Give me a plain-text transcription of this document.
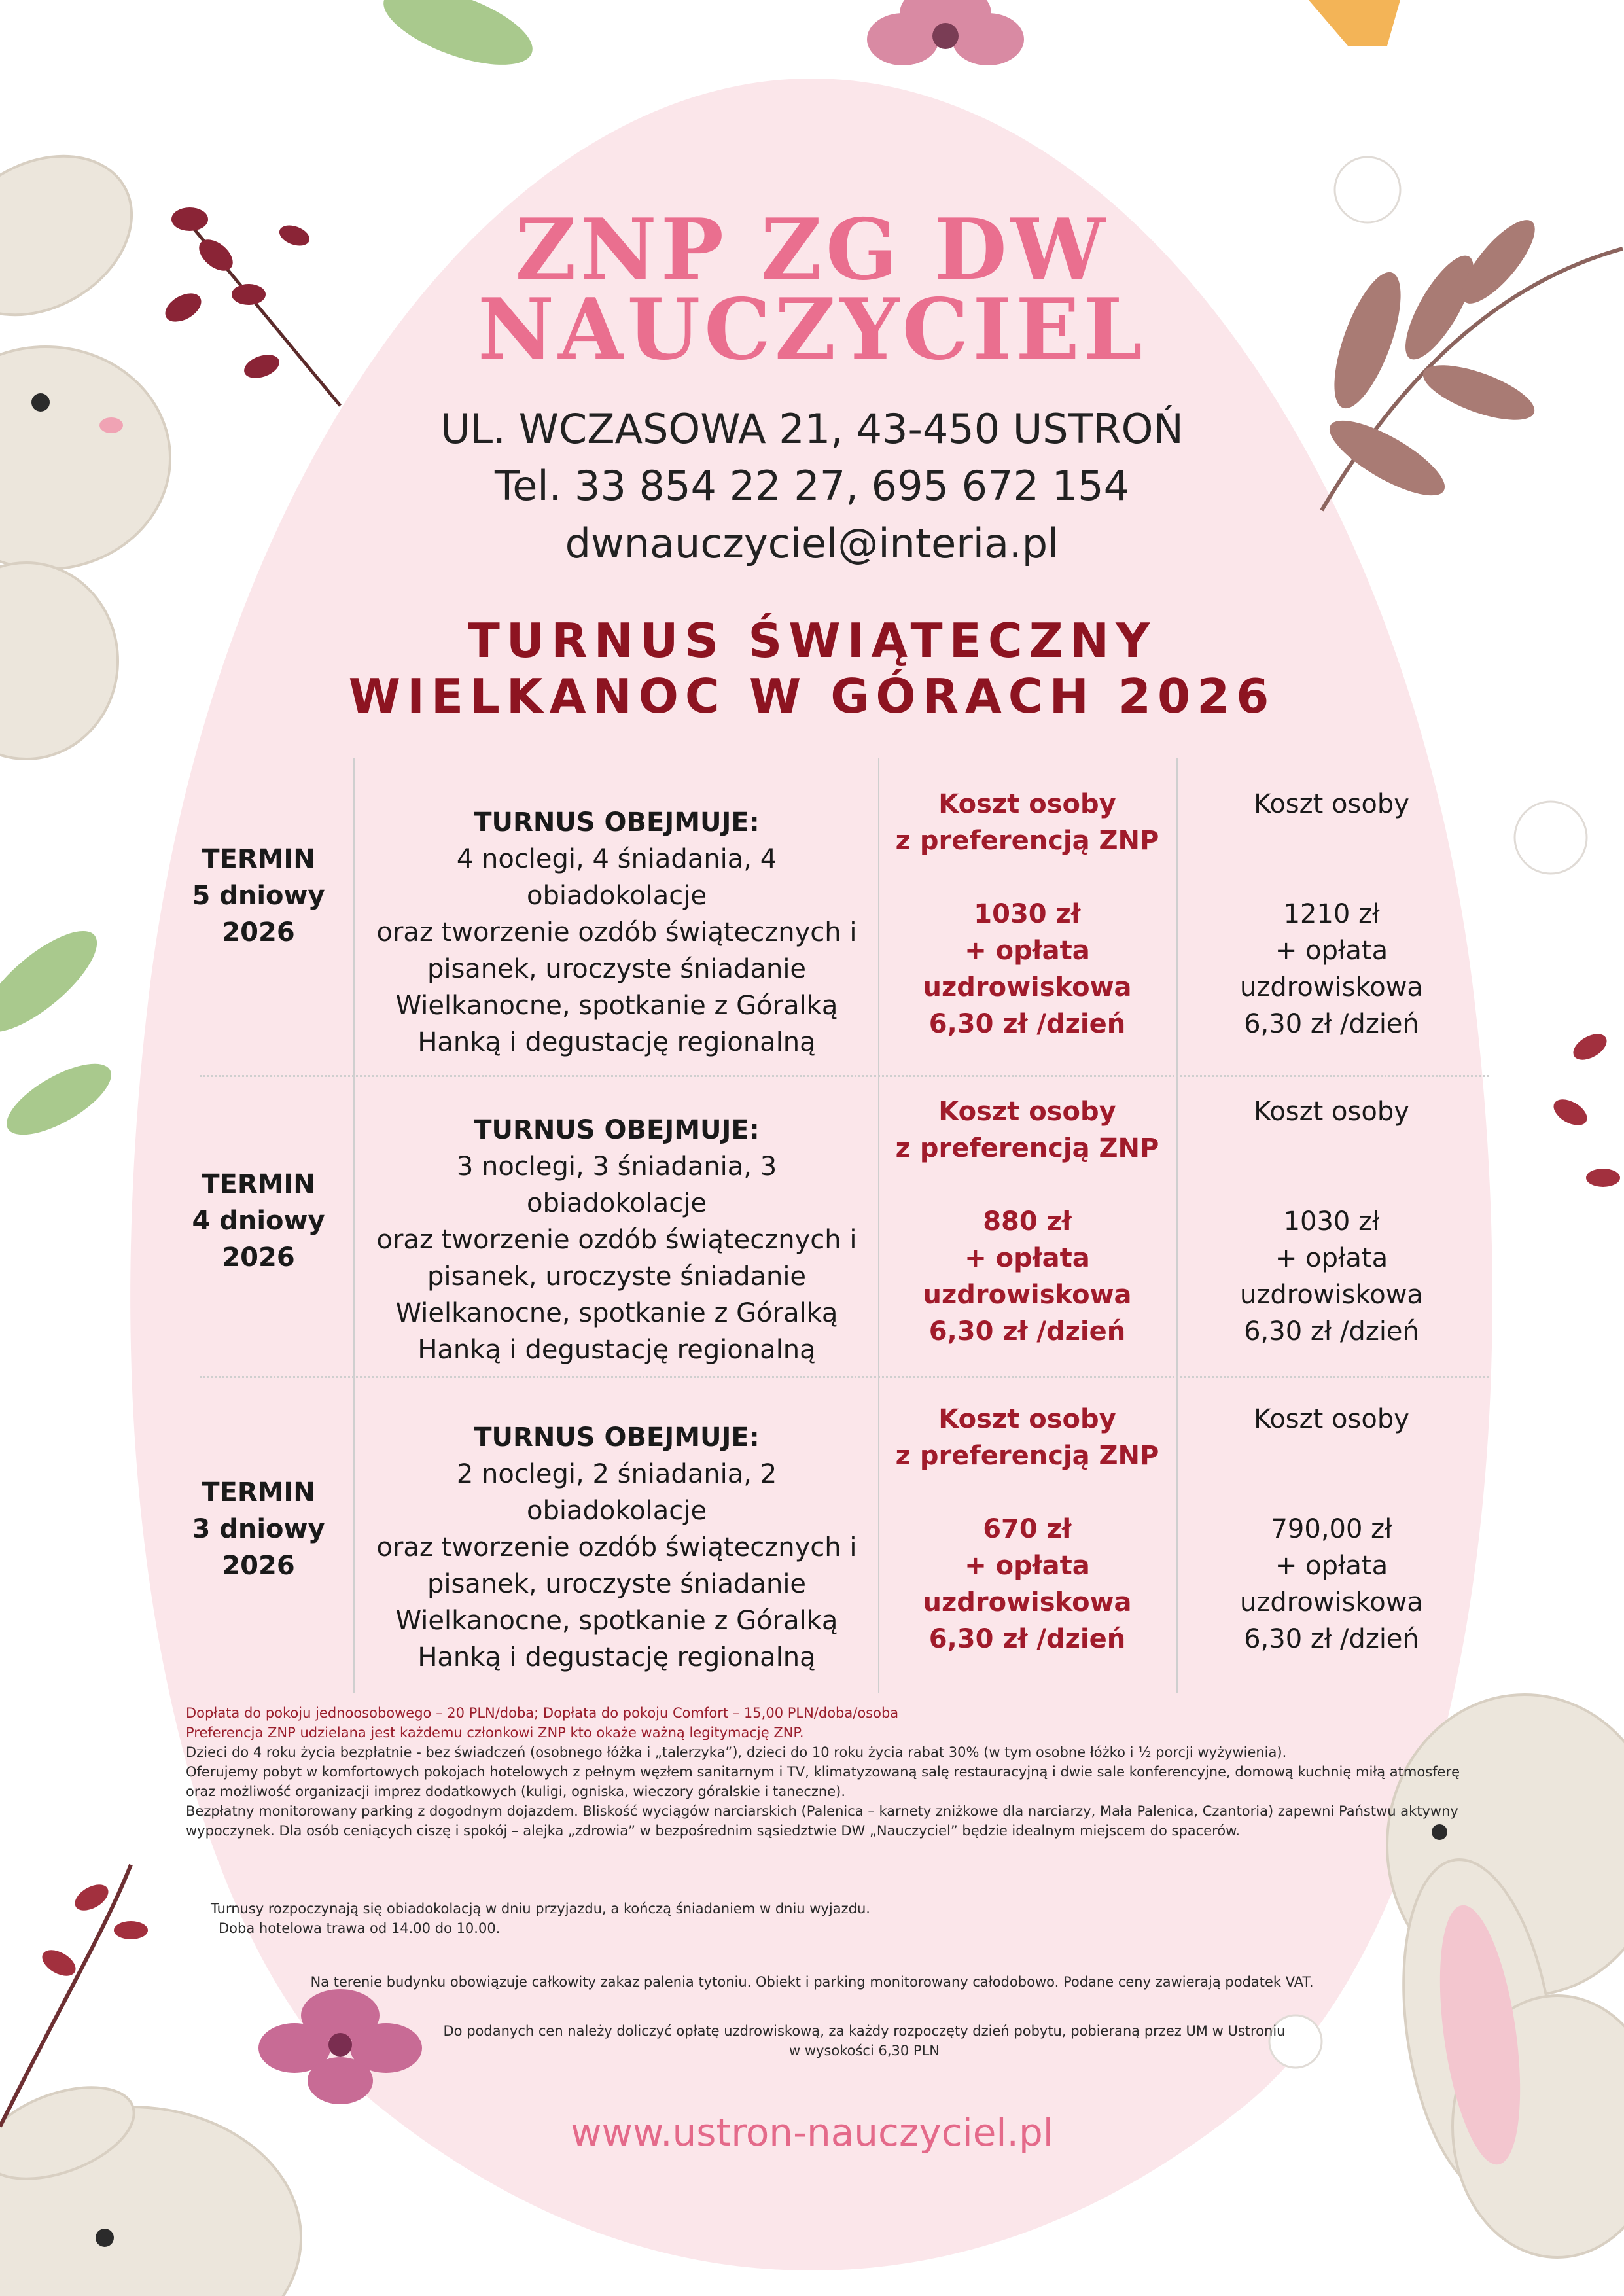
ZNP ZG DW
NAUCZYCIEL
UL. WCZASOWA 21, 43-450 USTROŃ
Tel. 33 854 22 27, 695 672 154
dwnauczyciel@interia.pl
TURNUS ŚWIĄTECZNY
WIELKANOC W GÓRACH 2026

TERMIN

5 dniowy

2026

TURNUS OBEJMUJE:

4 noclegi, 4 śniadania, 4 obiadokolacje

oraz tworzenie ozdób świątecznych i

pisanek, uroczyste śniadanie

Wielkanocne, spotkanie z Góralką

Hanką i degustację regionalną

Koszt osoby

z preferencją ZNP

1030 zł

+ opłata

uzdrowiskowa

6,30 zł /dzień

Koszt osoby

1210 zł

+ opłata

uzdrowiskowa

6,30 zł /dzień

TERMIN

4 dniowy

2026

TURNUS OBEJMUJE:

3 noclegi, 3 śniadania, 3 obiadokolacje

oraz tworzenie ozdób świątecznych i

pisanek, uroczyste śniadanie

Wielkanocne, spotkanie z Góralką

Hanką i degustację regionalną

Koszt osoby

z preferencją ZNP

880 zł

+ opłata

uzdrowiskowa

6,30 zł /dzień

Koszt osoby

1030 zł

+ opłata

uzdrowiskowa

6,30 zł /dzień

TERMIN

3 dniowy

2026

TURNUS OBEJMUJE:

2 noclegi, 2 śniadania, 2 obiadokolacje

oraz tworzenie ozdób świątecznych i

pisanek, uroczyste śniadanie

Wielkanocne, spotkanie z Góralką

Hanką i degustację regionalną

Koszt osoby

z preferencją ZNP

670 zł

+ opłata

uzdrowiskowa

6,30 zł /dzień

Koszt osoby

790,00 zł

+ opłata

uzdrowiskowa

6,30 zł /dzień

Dopłata do pokoju jednoosobowego – 20 PLN/doba; Dopłata do pokoju Comfort – 15,00 PLN/doba/osoba

Preferencja ZNP udzielana jest każdemu członkowi ZNP kto okaże ważną legitymację ZNP.

Dzieci do 4 roku życia bezpłatnie - bez świadczeń (osobnego łóżka i „talerzyka”), dzieci do 10 roku życia rabat 30% (w tym osobne łóżko i ½ porcji wyżywienia).

Oferujemy pobyt w komfortowych pokojach hotelowych z pełnym węzłem sanitarnym i TV, klimatyzowaną salę restauracyjną i dwie sale konferencyjne, domową kuchnię miłą atmosferę

oraz możliwość organizacji imprez dodatkowych (kuligi, ogniska, wieczory góralskie i taneczne).

Bezpłatny monitorowany parking z dogodnym dojazdem. Bliskość wyciągów narciarskich (Palenica – karnety zniżkowe dla narciarzy, Mała Palenica, Czantoria) zapewni Państwu aktywny

wypoczynek. Dla osób ceniących ciszę i spokój – alejka „zdrowia” w bezpośrednim sąsiedztwie DW „Nauczyciel” będzie idealnym miejscem do spacerów.

Turnusy rozpoczynają się obiadokolacją w dniu przyjazdu, a kończą śniadaniem w dniu wyjazdu.

Doba hotelowa trawa od 14.00 do 10.00.

Na terenie budynku obowiązuje całkowity zakaz palenia tytoniu. Obiekt i parking monitorowany całodobowo. Podane ceny zawierają podatek VAT.

Do podanych cen należy doliczyć opłatę uzdrowiskową, za każdy rozpoczęty dzień pobytu, pobieraną przez UM w Ustroniu

w wysokości 6,30 PLN

www.ustron-nauczyciel.pl
